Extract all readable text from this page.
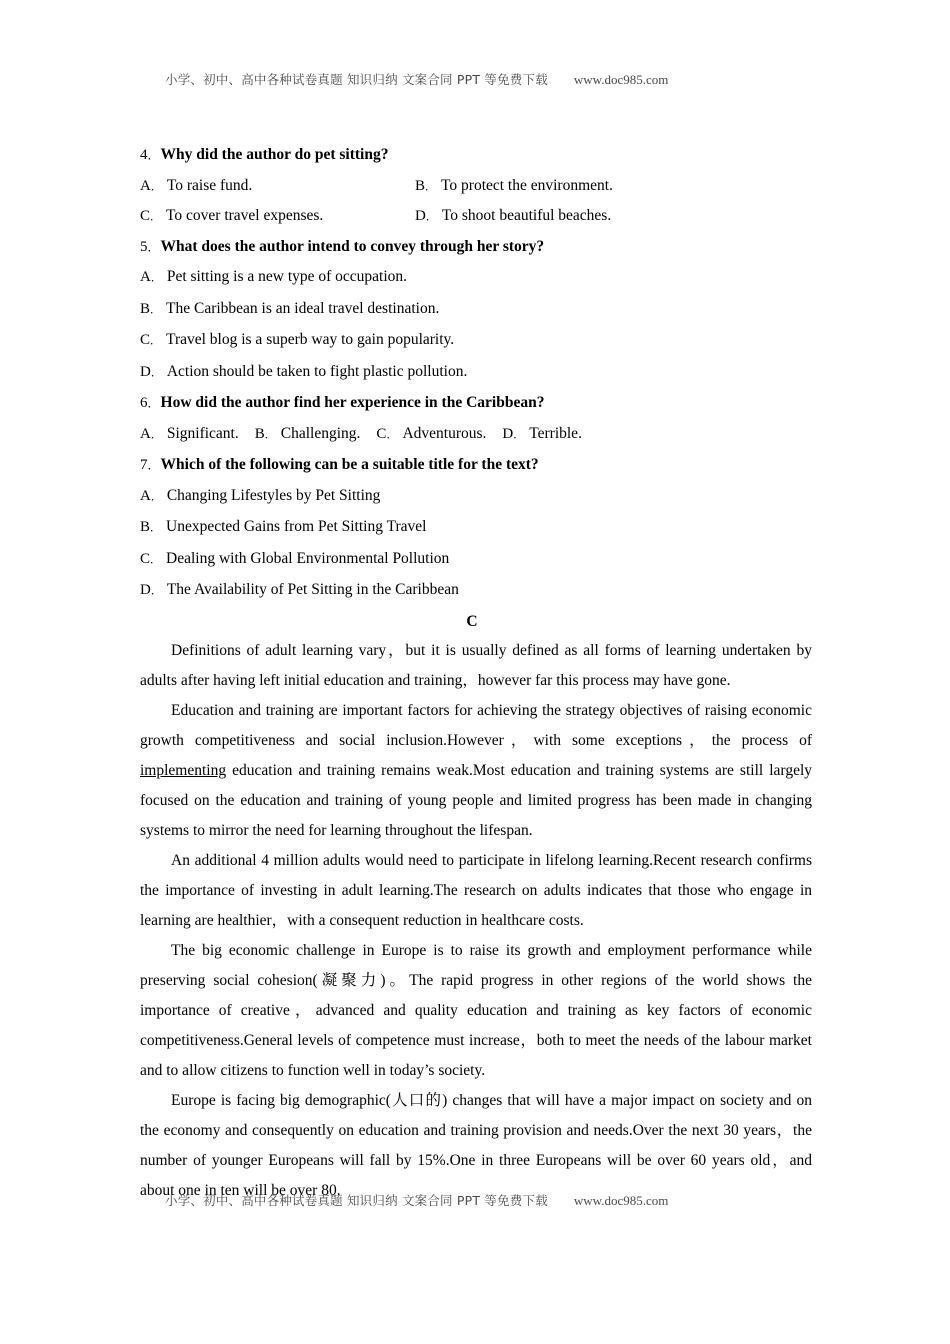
小学、初中、高中各种试卷真题 知识归纳 文案合同 PPT 等免费下载 www.doc985.com
4．Why did the author do pet sitting?
A． To raise fund.	B． To protect the environment.
C． To cover travel expenses.	D． To shoot beautiful beaches.
5．What does the author intend to convey through her story?
A． Pet sitting is a new type of occupation.
B． The Caribbean is an ideal travel destination.
C． Travel blog is a superb way to gain popularity.
D． Action should be taken to fight plastic pollution.
6．How did the author find her experience in the Caribbean?
A． Significant. B． Challenging. C． Adventurous. D． Terrible.
7．Which of the following can be a suitable title for the text?
A． Changing Lifestyles by Pet Sitting
B． Unexpected Gains from Pet Sitting Travel
C． Dealing with Global Environmental Pollution
D． The Availability of Pet Sitting in the Caribbean
C

Definitions of adult learning vary，but it is usually defined as all forms of learning undertaken by adults after having left initial education and training，however far this process may have gone.

Education and training are important factors for achieving the strategy objectives of raising economic growth competitiveness and social inclusion.However，with some exceptions，the process of implementing education and training remains weak.Most education and training systems are still largely focused on the education and training of young people and limited progress has been made in changing systems to mirror the need for learning throughout the lifespan.

An additional 4 million adults would need to participate in lifelong learning.Recent research confirms the importance of investing in adult learning.The research on adults indicates that those who engage in learning are healthier，with a consequent reduction in healthcare costs.

The big economic challenge in Europe is to raise its growth and employment performance while preserving social cohesion(凝聚力)。The rapid progress in other regions of the world shows the importance of creative，advanced and quality education and training as key factors of economic competitiveness.General levels of competence must increase，both to meet the needs of the labour market and to allow citizens to function well in today’s society.

Europe is facing big demographic(人口的) changes that will have a major impact on society and on the economy and consequently on education and training provision and needs.Over the next 30 years，the number of younger Europeans will fall by 15%.One in three Europeans will be over 60 years old，and about one in ten will be over 80.

小学、初中、高中各种试卷真题 知识归纳 文案合同 PPT 等免费下载 www.doc985.com
